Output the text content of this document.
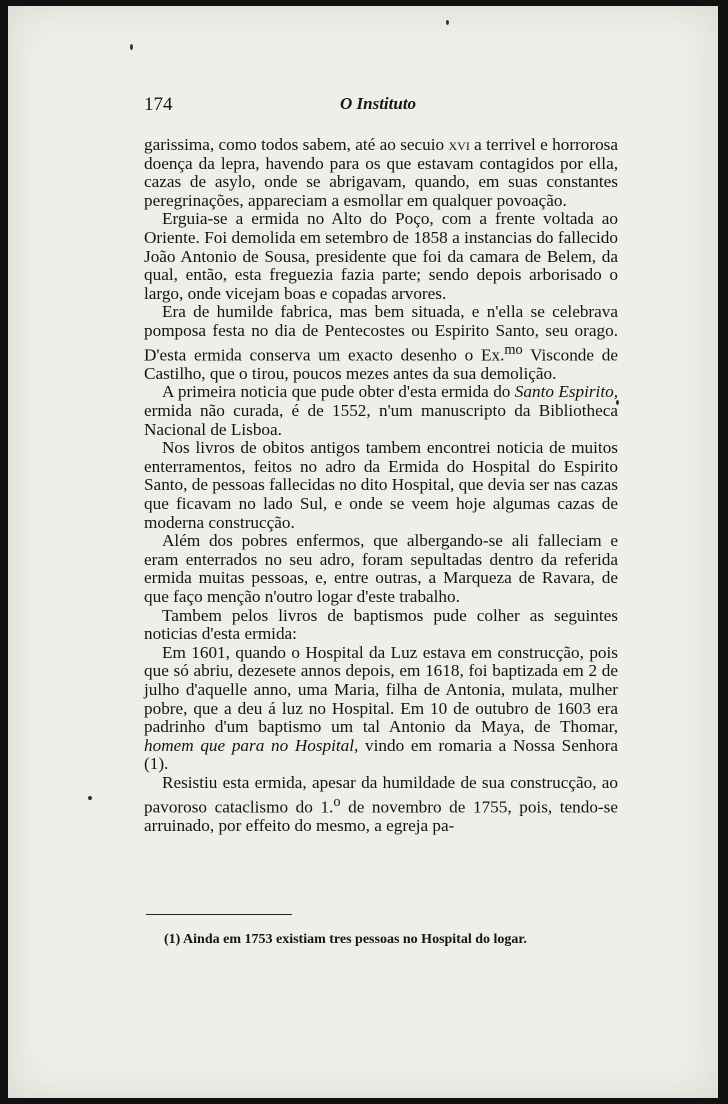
174	O Instituto

garissima, como todos sabem, até ao secuio xvi a terrivel e horrorosa doença da lepra, havendo para os que estavam contagidos por ella, cazas de asylo, onde se abrigavam, quando, em suas constantes peregrinações, appareciam a esmollar em qualquer povoação.

Erguia-se a ermida no Alto do Poço, com a frente voltada ao Oriente. Foi demolida em setembro de 1858 a instancias do fallecido João Antonio de Sousa, presidente que foi da camara de Belem, da qual, então, esta freguezia fazia parte; sendo depois arborisado o largo, onde vicejam boas e copadas arvores.

Era de humilde fabrica, mas bem situada, e n'ella se celebrava pomposa festa no dia de Pentecostes ou Espirito Santo, seu orago. D'esta ermida conserva um exacto desenho o Ex.$^{mo}$ Visconde de Castilho, que o tirou, poucos mezes antes da sua demolição.

A primeira noticia que pude obter d'esta ermida do Santo Espirito, ermida não curada, é de 1552, n'um manuscripto da Bibliotheca Nacional de Lisboa.

Nos livros de obitos antigos tambem encontrei noticia de muitos enterramentos, feitos no adro da Ermida do Hospital do Espirito Santo, de pessoas fallecidas no dito Hospital, que devia ser nas cazas que ficavam no lado Sul, e onde se veem hoje algumas cazas de moderna construcção.

Além dos pobres enfermos, que albergando-se ali falleciam e eram enterrados no seu adro, foram sepultadas dentro da referida ermida muitas pessoas, e, entre outras, a Marqueza de Ravara, de que faço menção n'outro logar d'este trabalho.

Tambem pelos livros de baptismos pude colher as seguintes noticias d'esta ermida:

Em 1601, quando o Hospital da Luz estava em construcção, pois que só abriu, dezesete annos depois, em 1618, foi baptizada em 2 de julho d'aquelle anno, uma Maria, filha de Antonia, mulata, mulher pobre, que a deu á luz no Hospital. Em 10 de outubro de 1603 era padrinho d'um baptismo um tal Antonio da Maya, de Thomar, homem que para no Hospital, vindo em romaria a Nossa Senhora (1).

Resistiu esta ermida, apesar da humildade de sua construcção, ao pavoroso cataclismo do 1.$^o$ de novembro de 1755, pois, tendo-se arruinado, por effeito do mesmo, a egreja pa-

(1) Ainda em 1753 existiam tres pessoas no Hospital do logar.
